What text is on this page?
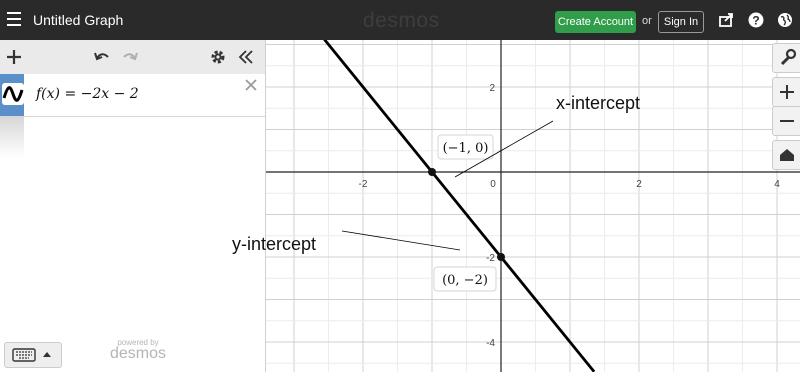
Untitled Graph	desmos	Create Account or	Sign In	?
f(x) = −2x − 2
powered by
desmos
-2	0	2	4
2
-2
-4
(−1, 0)
(0, −2)
x-intercept
y-intercept
